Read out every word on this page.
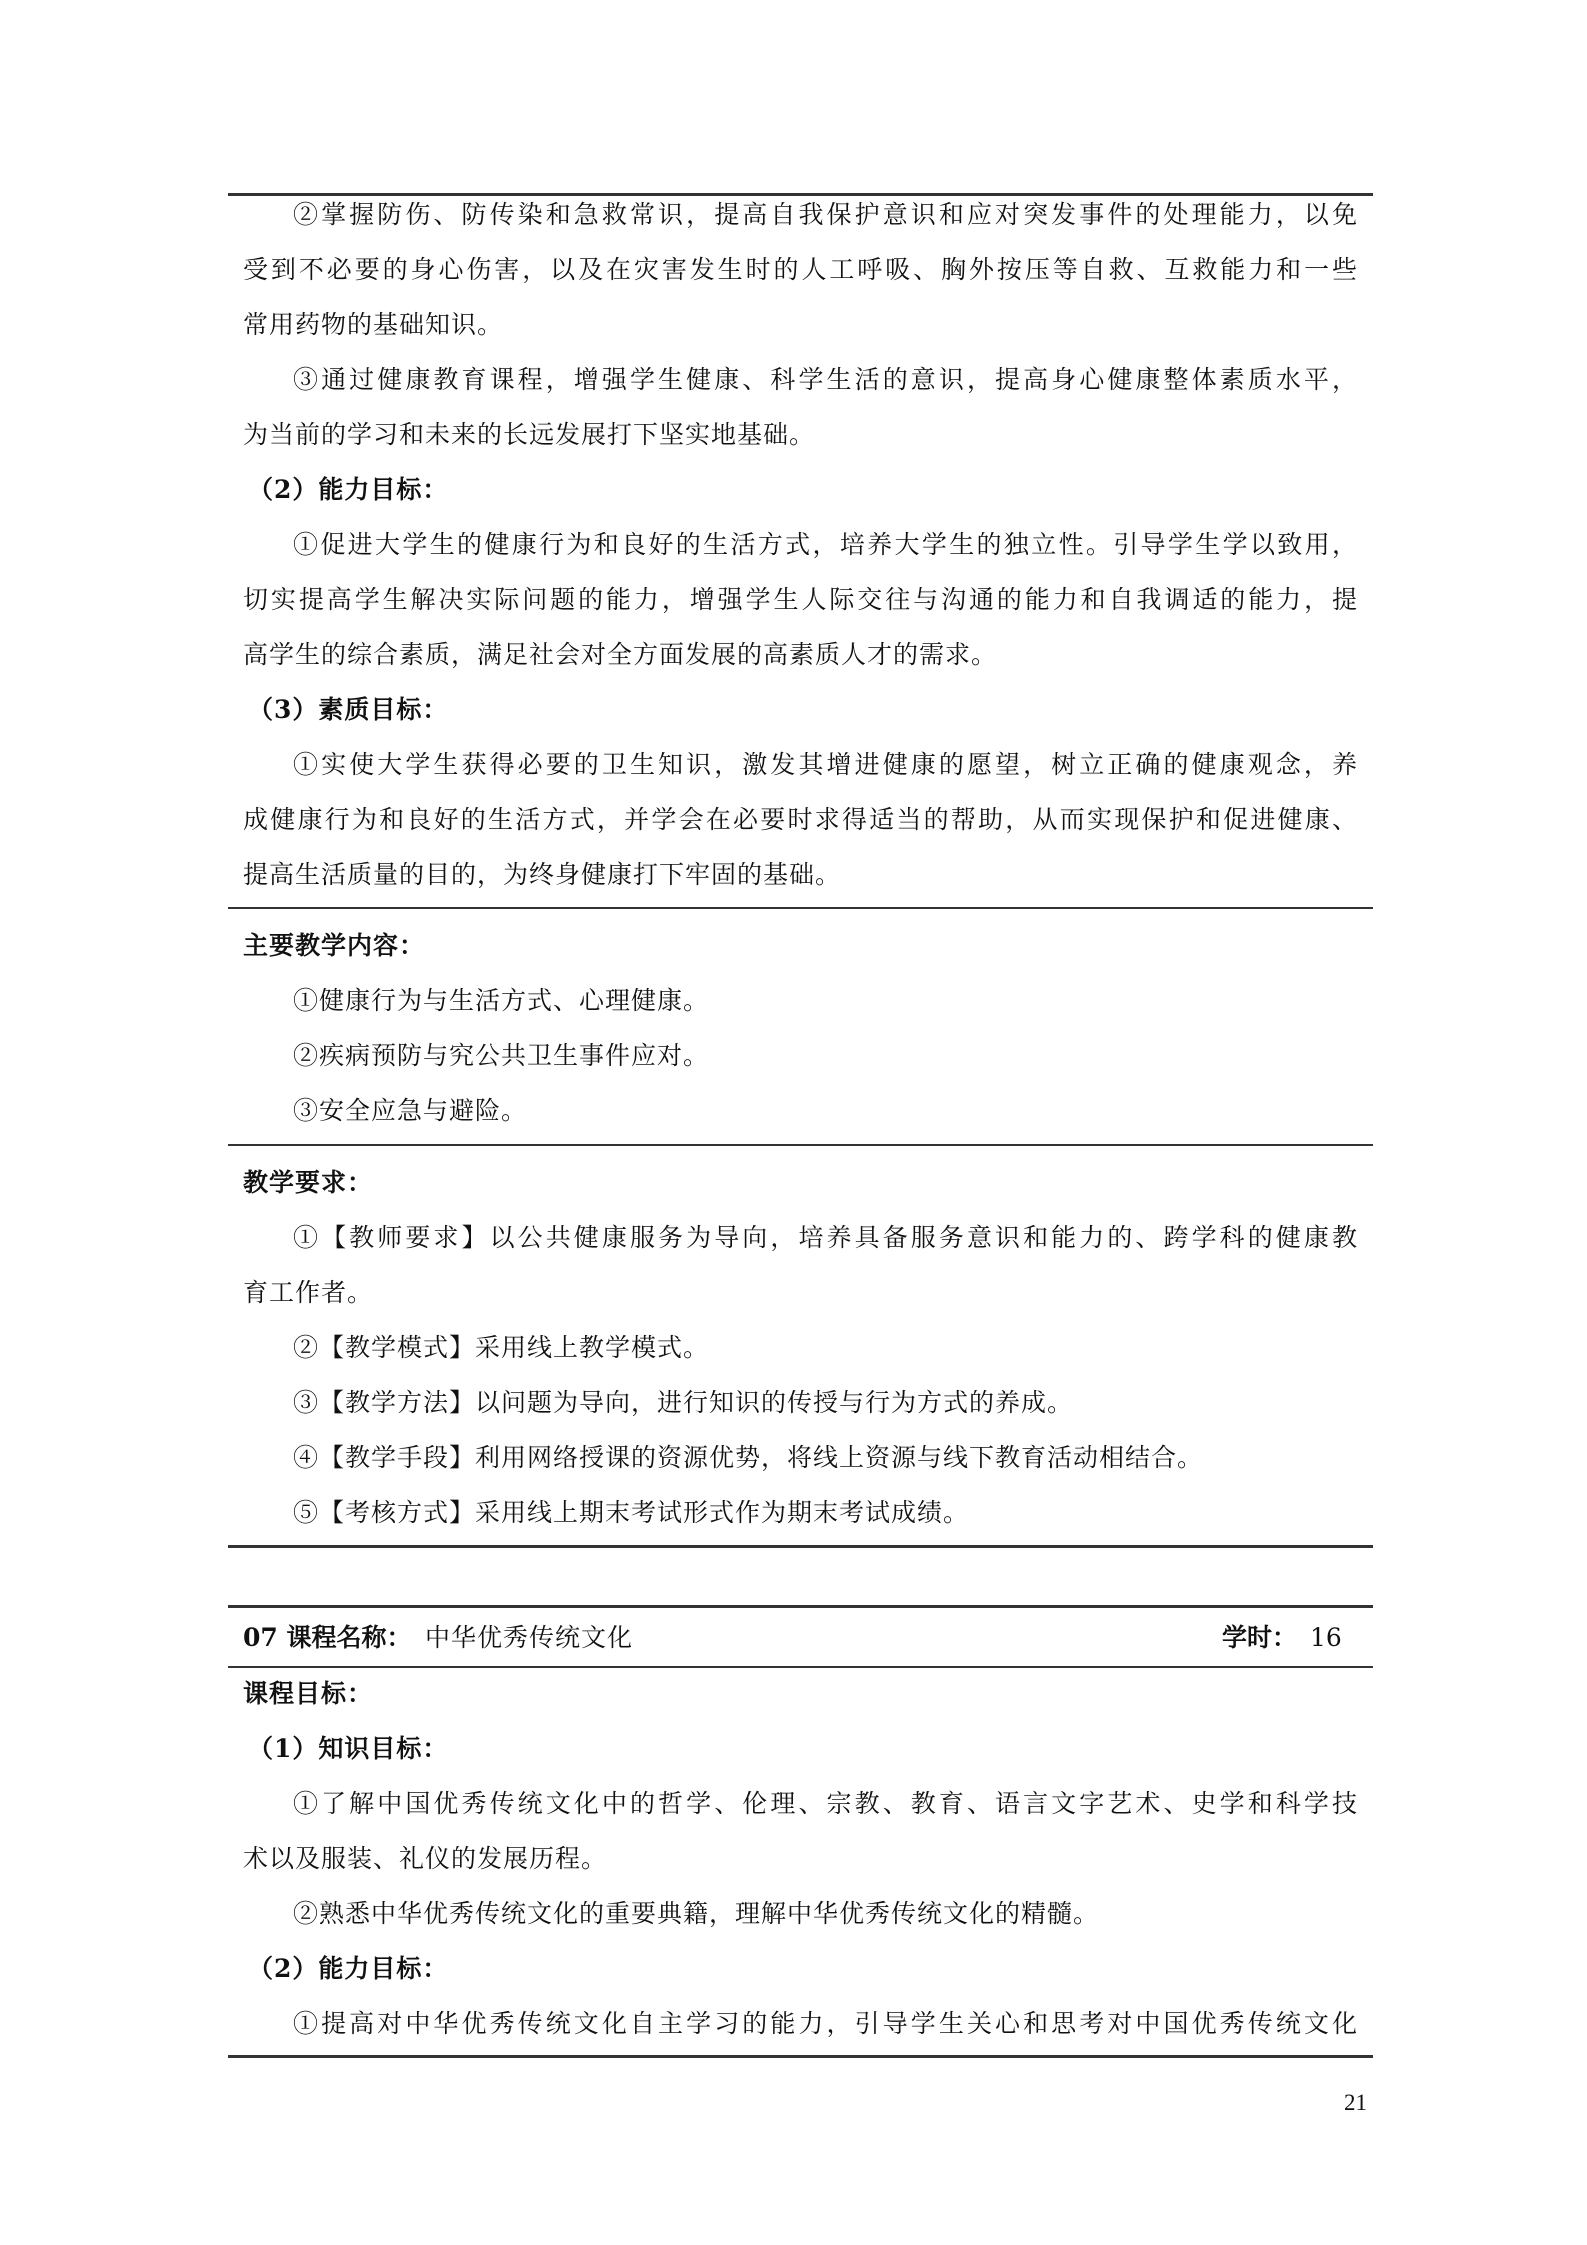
②掌握防伤、防传染和急救常识，提高自我保护意识和应对突发事件的处理能力，以免
受到不必要的身心伤害，以及在灾害发生时的人工呼吸、胸外按压等自救、互救能力和一些
常用药物的基础知识。
③通过健康教育课程，增强学生健康、科学生活的意识，提高身心健康整体素质水平，
为当前的学习和未来的长远发展打下坚实地基础。
（2）能力目标：
①促进大学生的健康行为和良好的生活方式，培养大学生的独立性。引导学生学以致用，
切实提高学生解决实际问题的能力，增强学生人际交往与沟通的能力和自我调适的能力，提
高学生的综合素质，满足社会对全方面发展的高素质人才的需求。
（3）素质目标：
①实使大学生获得必要的卫生知识，激发其增进健康的愿望，树立正确的健康观念，养
成健康行为和良好的生活方式，并学会在必要时求得适当的帮助，从而实现保护和促进健康、
提高生活质量的目的，为终身健康打下牢固的基础。
主要教学内容：
①健康行为与生活方式、心理健康。
②疾病预防与究公共卫生事件应对。
③安全应急与避险。
教学要求：
①【教师要求】以公共健康服务为导向，培养具备服务意识和能力的、跨学科的健康教
育工作者。
②【教学模式】采用线上教学模式。
③【教学方法】以问题为导向，进行知识的传授与行为方式的养成。
④【教学手段】利用网络授课的资源优势，将线上资源与线下教育活动相结合。
⑤【考核方式】采用线上期末考试形式作为期末考试成绩。
07 课程名称： 中华优秀传统文化	学时： 16
课程目标：
（1）知识目标：
①了解中国优秀传统文化中的哲学、伦理、宗教、教育、语言文字艺术、史学和科学技
术以及服装、礼仪的发展历程。
②熟悉中华优秀传统文化的重要典籍，理解中华优秀传统文化的精髓。
（2）能力目标：
①提高对中华优秀传统文化自主学习的能力，引导学生关心和思考对中国优秀传统文化
21
